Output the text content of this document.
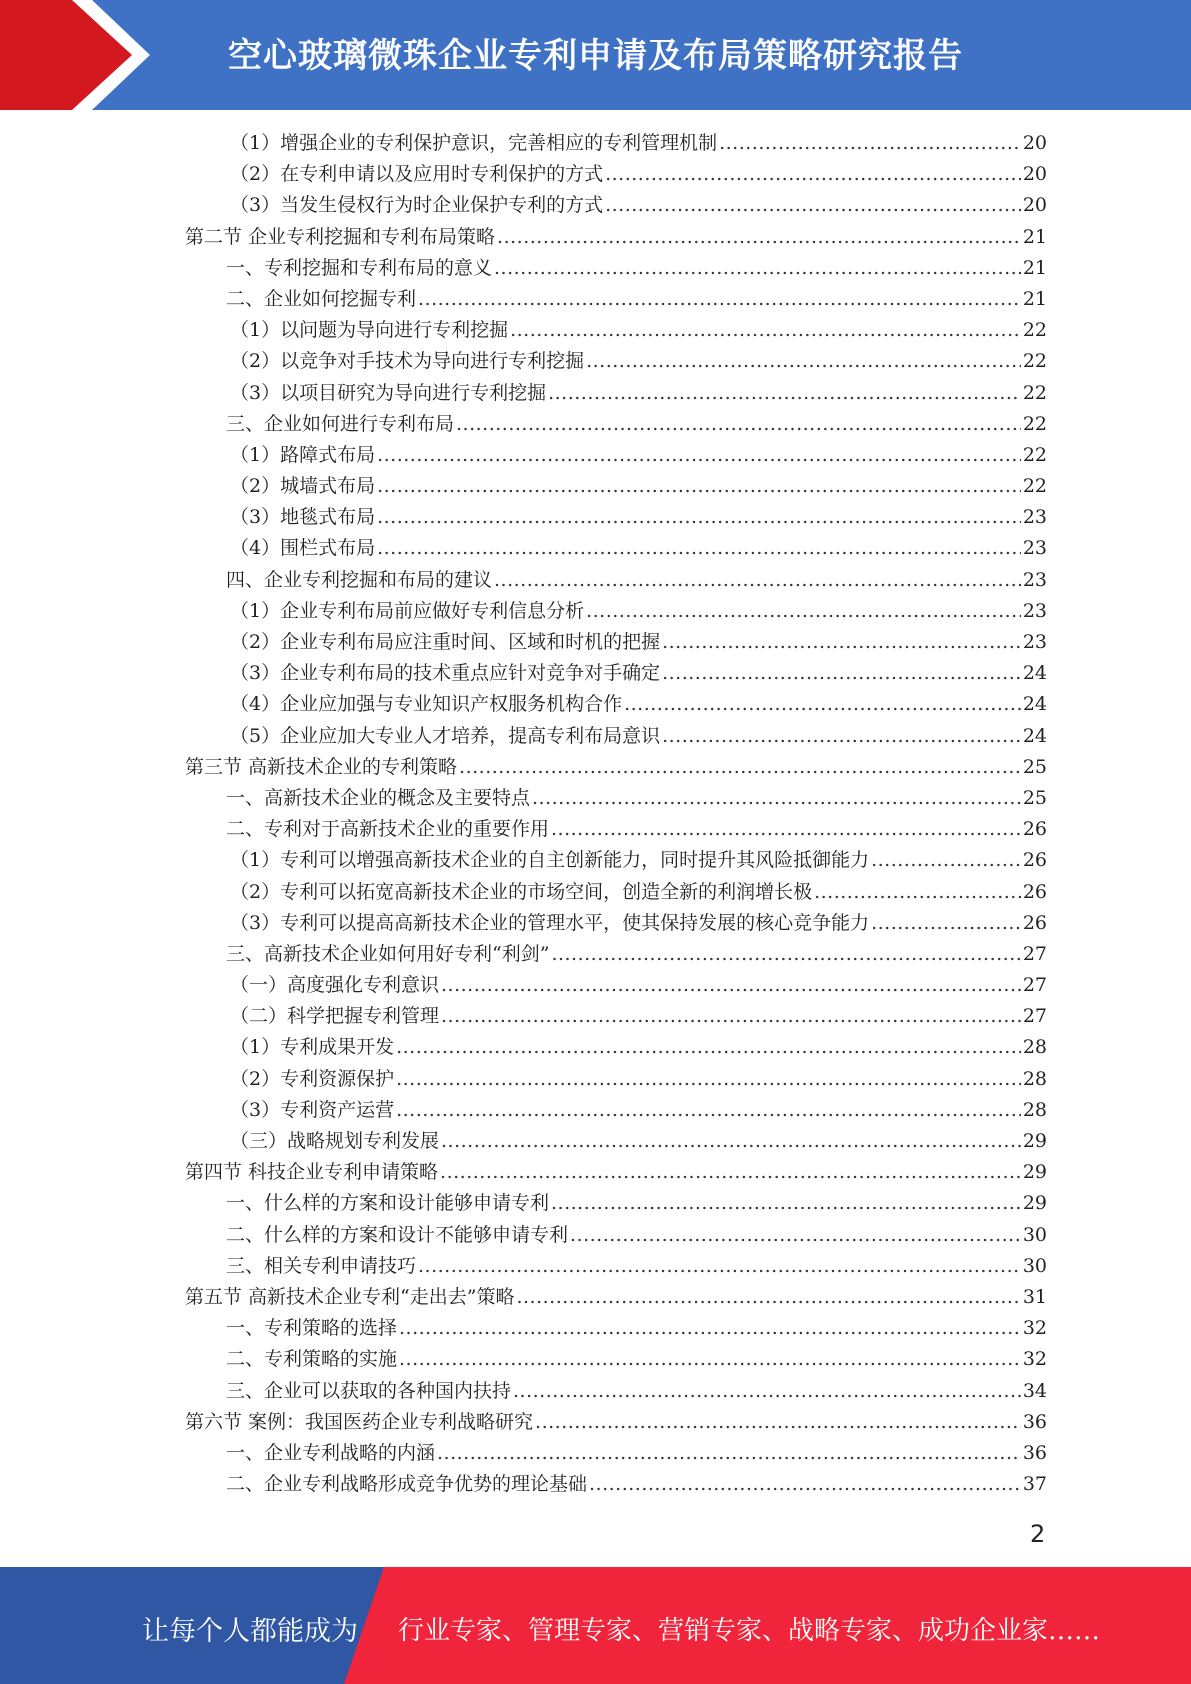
空心玻璃微珠企业专利申请及布局策略研究报告
（1）增强企业的专利保护意识，完善相应的专利管理机制 .....	20
（2）在专利申请以及应用时专利保护的方式 .....	20
（3）当发生侵权行为时企业保护专利的方式 .....	20
第二节 企业专利挖掘和专利布局策略 .....	21
一、专利挖掘和专利布局的意义 .....	21
二、企业如何挖掘专利 .....	21
（1）以问题为导向进行专利挖掘 .....	22
（2）以竞争对手技术为导向进行专利挖掘 .....	22
（3）以项目研究为导向进行专利挖掘 .....	22
三、企业如何进行专利布局 .....	22
（1）路障式布局 .....	22
（2）城墙式布局 .....	22
（3）地毯式布局 .....	23
（4）围栏式布局 .....	23
四、企业专利挖掘和布局的建议 .....	23
（1）企业专利布局前应做好专利信息分析 .....	23
（2）企业专利布局应注重时间、区域和时机的把握 .....	23
（3）企业专利布局的技术重点应针对竞争对手确定 .....	24
（4）企业应加强与专业知识产权服务机构合作 .....	24
（5）企业应加大专业人才培养，提高专利布局意识 .....	24
第三节 高新技术企业的专利策略 .....	25
一、高新技术企业的概念及主要特点 .....	25
二、专利对于高新技术企业的重要作用 .....	26
（1）专利可以增强高新技术企业的自主创新能力，同时提升其风险抵御能力 .....	26
（2）专利可以拓宽高新技术企业的市场空间，创造全新的利润增长极 .....	26
（3）专利可以提高高新技术企业的管理水平，使其保持发展的核心竞争能力 .....	26
三、高新技术企业如何用好专利“利剑” .....	27
（一）高度强化专利意识 .....	27
（二）科学把握专利管理 .....	27
（1）专利成果开发 .....	28
（2）专利资源保护 .....	28
（3）专利资产运营 .....	28
（三）战略规划专利发展 .....	29
第四节 科技企业专利申请策略 .....	29
一、什么样的方案和设计能够申请专利 .....	29
二、什么样的方案和设计不能够申请专利 .....	30
三、相关专利申请技巧 .....	30
第五节 高新技术企业专利“走出去”策略 .....	31
一、专利策略的选择 .....	32
二、专利策略的实施 .....	32
三、企业可以获取的各种国内扶持 .....	34
第六节 案例：我国医药企业专利战略研究 .....	36
一、企业专利战略的内涵 .....	36
二、企业专利战略形成竞争优势的理论基础 .....	37
2
让每个人都能成为 行业专家、管理专家、营销专家、战略专家、成功企业家……
